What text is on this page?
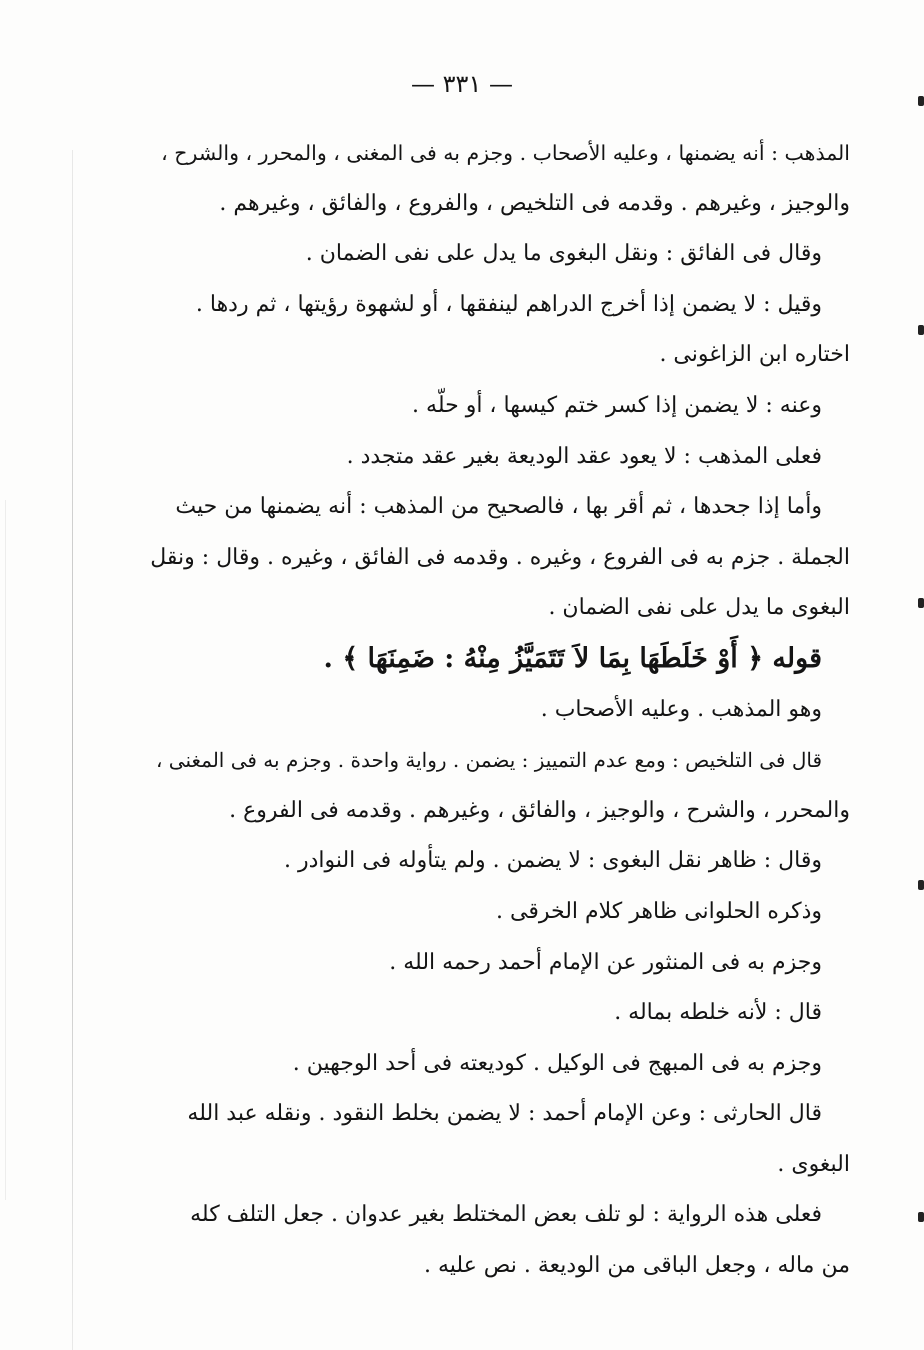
— ٣٣١ —
المذهب : أنه يضمنها ، وعليه الأصحاب . وجزم به فى المغنى ، والمحرر ، والشرح ،
والوجيز ، وغيرهم . وقدمه فى التلخيص ، والفروع ، والفائق ، وغيرهم .
وقال فى الفائق : ونقل البغوى ما يدل على نفى الضمان .
وقيل : لا يضمن إذا أخرج الدراهم لينفقها ، أو لشهوة رؤيتها ، ثم ردها .
اختاره ابن الزاغونى .
وعنه : لا يضمن إذا كسر ختم كيسها ، أو حلّه .
فعلى المذهب : لا يعود عقد الوديعة بغير عقد متجدد .
وأما إذا جحدها ، ثم أقر بها ، فالصحيح من المذهب : أنه يضمنها من حيث
الجملة . جزم به فى الفروع ، وغيره . وقدمه فى الفائق ، وغيره . وقال : ونقل
البغوى ما يدل على نفى الضمان .
قوله ﴿ أَوْ خَلَطَهَا بِمَا لاَ تَتَمَيَّزُ مِنْهُ : ضَمِنَهَا ﴾ .
وهو المذهب . وعليه الأصحاب .
قال فى التلخيص : ومع عدم التمييز : يضمن . رواية واحدة . وجزم به فى المغنى ،
والمحرر ، والشرح ، والوجيز ، والفائق ، وغيرهم . وقدمه فى الفروع .
وقال : ظاهر نقل البغوى : لا يضمن . ولم يتأوله فى النوادر .
وذكره الحلوانى ظاهر كلام الخرقى .
وجزم به فى المنثور عن الإمام أحمد رحمه الله .
قال : لأنه خلطه بماله .
وجزم به فى المبهج فى الوكيل . كوديعته فى أحد الوجهين .
قال الحارثى : وعن الإمام أحمد : لا يضمن بخلط النقود . ونقله عبد الله
البغوى .
فعلى هذه الرواية : لو تلف بعض المختلط بغير عدوان . جعل التلف كله
من ماله ، وجعل الباقى من الوديعة . نص عليه .
